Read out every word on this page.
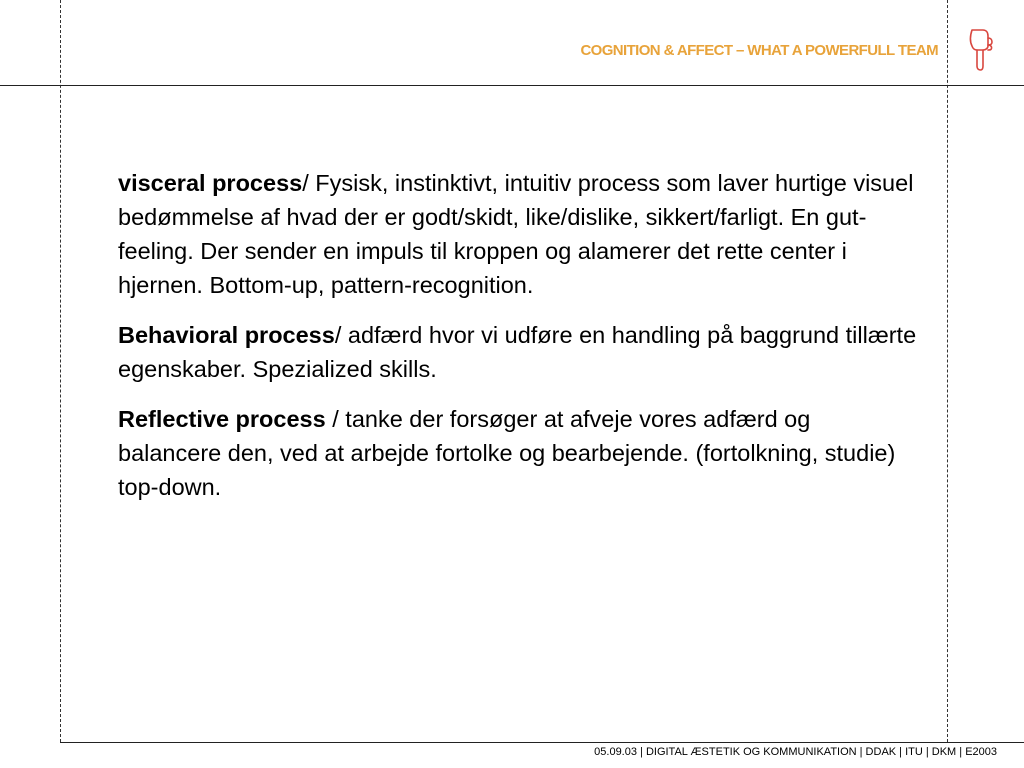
COGNITION & AFFECT – WHAT A POWERFULL TEAM

visceral process/ Fysisk, instinktivt, intuitiv process som laver hurtige visuel bedømmelse af hvad der er godt/skidt, like/dislike, sikkert/farligt. En gut-feeling. Der sender en impuls til kroppen og alamerer det rette center i hjernen. Bottom-up, pattern-recognition.

Behavioral process/ adfærd hvor vi udføre en handling på baggrund tillærte egenskaber. Spezialized skills.

Reflective process / tanke der forsøger at afveje vores adfærd og balancere den, ved at arbejde fortolke og bearbejende. (fortolkning, studie) top-down.

05.09.03 | DIGITAL ÆSTETIK OG KOMMUNIKATION | DDAK | ITU | DKM | E2003
